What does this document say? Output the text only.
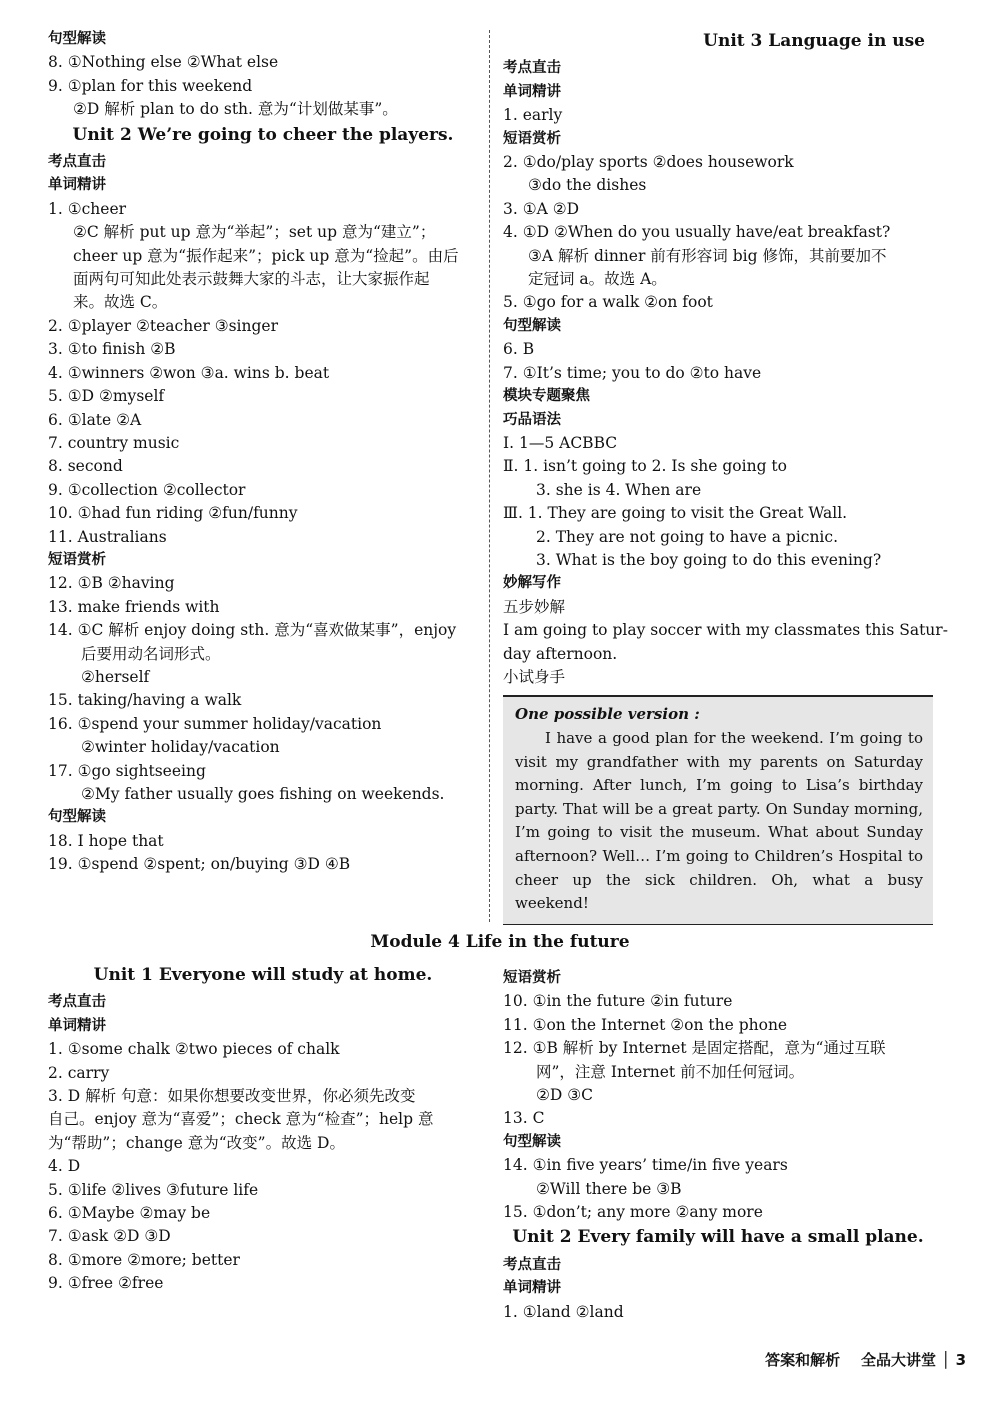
句型解读
8. ①Nothing else ②What else
9. ①plan for this weekend
②D 解析 plan to do sth. 意为“计划做某事”。
Unit 2 We’re going to cheer the players.
考点直击
单词精讲
1. ①cheer
②C 解析 put up 意为“举起”；set up 意为“建立”；
cheer up 意为“振作起来”；pick up 意为“捡起”。由后
面两句可知此处表示鼓舞大家的斗志，让大家振作起
来。故选 C。
2. ①player ②teacher ③singer
3. ①to finish ②B
4. ①winners ②won ③a. wins b. beat
5. ①D ②myself
6. ①late ②A
7. country music
8. second
9. ①collection ②collector
10. ①had fun riding ②fun/funny
11. Australians
短语赏析
12. ①B ②having
13. make friends with
14. ①C 解析 enjoy doing sth. 意为“喜欢做某事”，enjoy
后要用动名词形式。
②herself
15. taking/having a walk
16. ①spend your summer holiday/vacation
②winter holiday/vacation
17. ①go sightseeing
②My father usually goes fishing on weekends.
句型解读
18. I hope that
19. ①spend ②spent; on/buying ③D ④B
Unit 3 Language in use
考点直击
单词精讲
1. early
短语赏析
2. ①do/play sports ②does housework
③do the dishes
3. ①A ②D
4. ①D ②When do you usually have/eat breakfast?
③A 解析 dinner 前有形容词 big 修饰，其前要加不
定冠词 a。故选 A。
5. ①go for a walk ②on foot
句型解读
6. B
7. ①It’s time; you to do ②to have
模块专题聚焦
巧品语法
Ⅰ. 1—5 ACBBC
Ⅱ. 1. isn’t going to 2. Is she going to
3. she is 4. When are
Ⅲ. 1. They are going to visit the Great Wall.
2. They are not going to have a picnic.
3. What is the boy going to do this evening?
妙解写作
五步妙解
I am going to play soccer with my classmates this Satur-
day afternoon.
小试身手
One possible version :

I have a good plan for the weekend. I’m going to visit my grandfather with my parents on Saturday morning. After lunch, I’m going to Lisa’s birthday party. That will be a great party. On Sunday morning, I’m going to visit the museum. What about Sunday afternoon? Well… I’m going to Children’s Hospital to cheer up the sick children. Oh, what a busy weekend!

Module 4 Life in the future
Unit 1 Everyone will study at home.
考点直击
单词精讲
1. ①some chalk ②two pieces of chalk
2. carry
3. D 解析 句意：如果你想要改变世界，你必须先改变
自己。enjoy 意为“喜爱”；check 意为“检查”；help 意
为“帮助”；change 意为“改变”。故选 D。
4. D
5. ①life ②lives ③future life
6. ①Maybe ②may be
7. ①ask ②D ③D
8. ①more ②more; better
9. ①free ②free
短语赏析
10. ①in the future ②in future
11. ①on the Internet ②on the phone
12. ①B 解析 by Internet 是固定搭配，意为“通过互联
网”，注意 Internet 前不加任何冠词。
②D ③C
13. C
句型解读
14. ①in five years’ time/in five years
②Will there be ③B
15. ①don’t; any more ②any more
Unit 2 Every family will have a small plane.
考点直击
单词精讲
1. ①land ②land
答案和解析 全品大讲堂 │ 3
